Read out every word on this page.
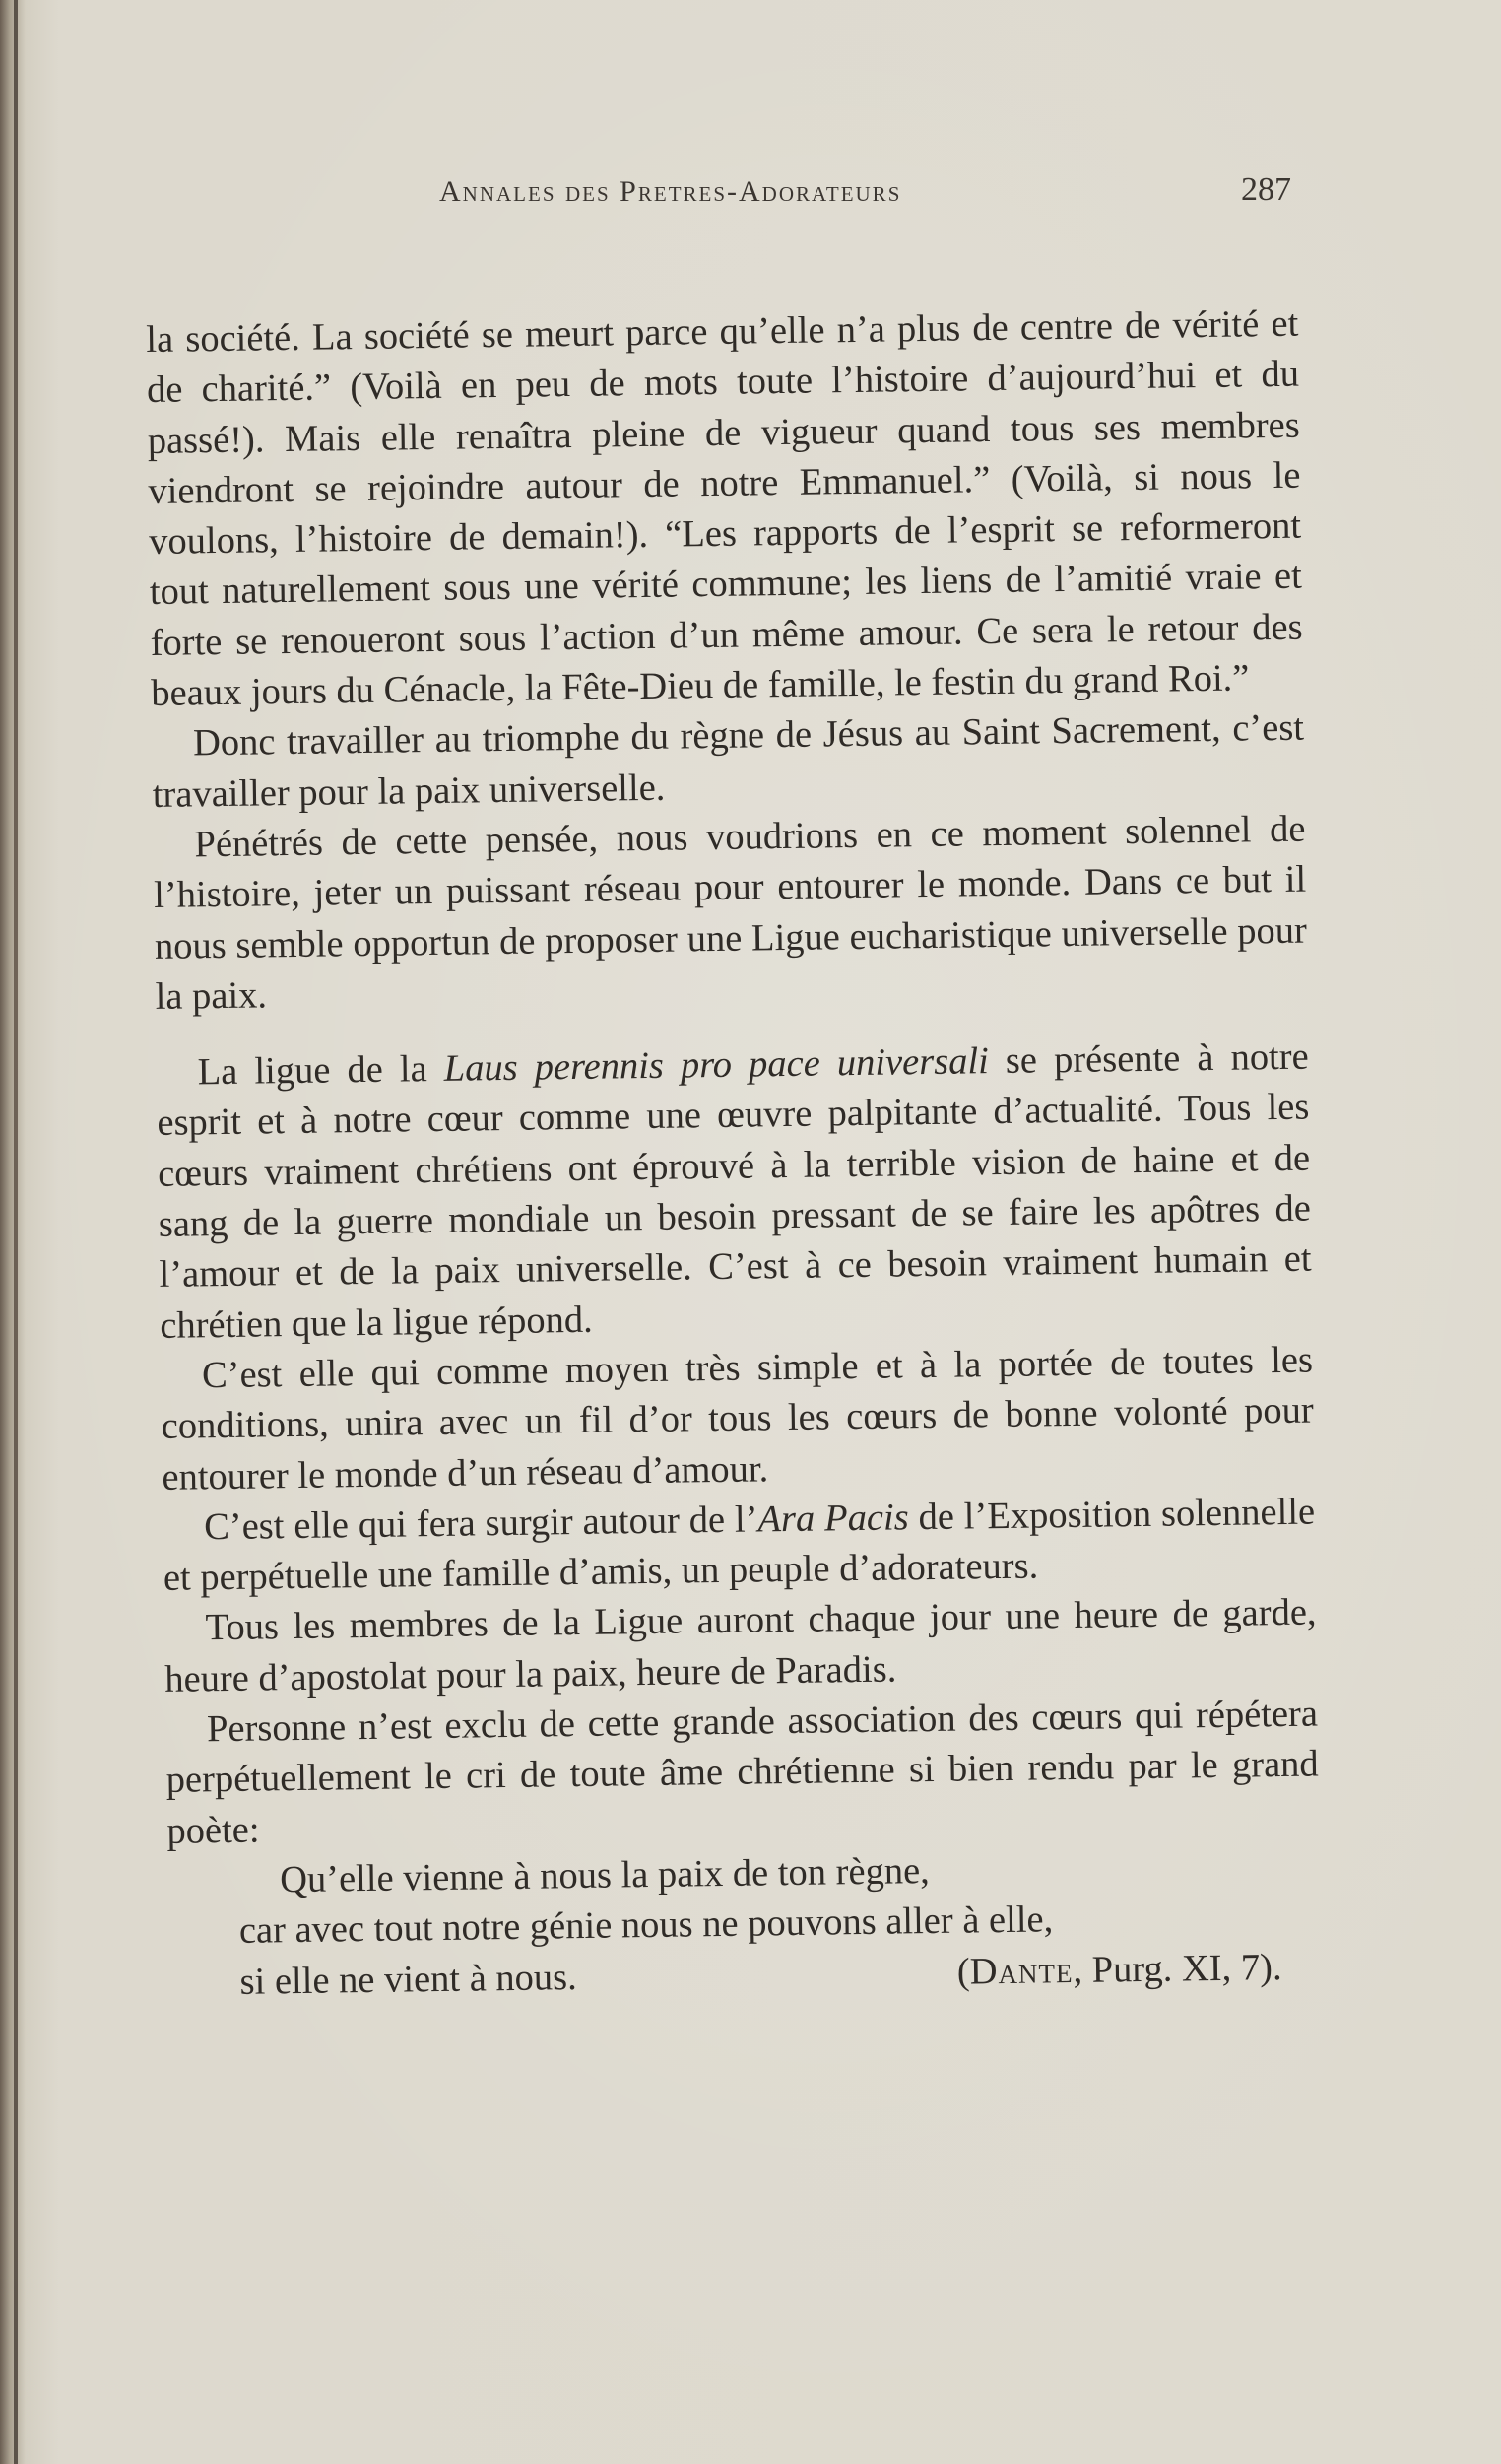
Annales des Pretres-Adorateurs	287

la société. La société se meurt parce qu’elle n’a plus de centre de vérité et de charité.” (Voilà en peu de mots toute l’histoire d’aujourd’hui et du passé!). Mais elle renaîtra pleine de vigueur quand tous ses membres viendront se rejoindre autour de notre Emmanuel.” (Voilà, si nous le voulons, l’histoire de demain!). “Les rapports de l’esprit se reformeront tout naturellement sous une vérité commune; les liens de l’amitié vraie et forte se renoueront sous l’action d’un même amour. Ce sera le retour des beaux jours du Cénacle, la Fête-Dieu de famille, le festin du grand Roi.”

Donc travailler au triomphe du règne de Jésus au Saint Sacrement, c’est travailler pour la paix universelle.

Pénétrés de cette pensée, nous voudrions en ce moment solennel de l’histoire, jeter un puissant réseau pour entourer le monde. Dans ce but il nous semble opportun de proposer une Ligue eucharistique universelle pour la paix.

La ligue de la Laus perennis pro pace universali se présente à notre esprit et à notre cœur comme une œuvre palpitante d’actualité. Tous les cœurs vraiment chrétiens ont éprouvé à la terrible vision de haine et de sang de la guerre mondiale un besoin pressant de se faire les apôtres de l’amour et de la paix universelle. C’est à ce besoin vraiment humain et chrétien que la ligue répond.

C’est elle qui comme moyen très simple et à la portée de toutes les conditions, unira avec un fil d’or tous les cœurs de bonne volonté pour entourer le monde d’un réseau d’amour.

C’est elle qui fera surgir autour de l’Ara Pacis de l’Exposition solennelle et perpétuelle une famille d’amis, un peuple d’adorateurs.

Tous les membres de la Ligue auront chaque jour une heure de garde, heure d’apostolat pour la paix, heure de Paradis.

Personne n’est exclu de cette grande association des cœurs qui répétera perpétuellement le cri de toute âme chrétienne si bien rendu par le grand poète:

Qu’elle vienne à nous la paix de ton règne,
car avec tout notre génie nous ne pouvons aller à elle,
si elle ne vient à nous.	(Dante, Purg. XI, 7).
